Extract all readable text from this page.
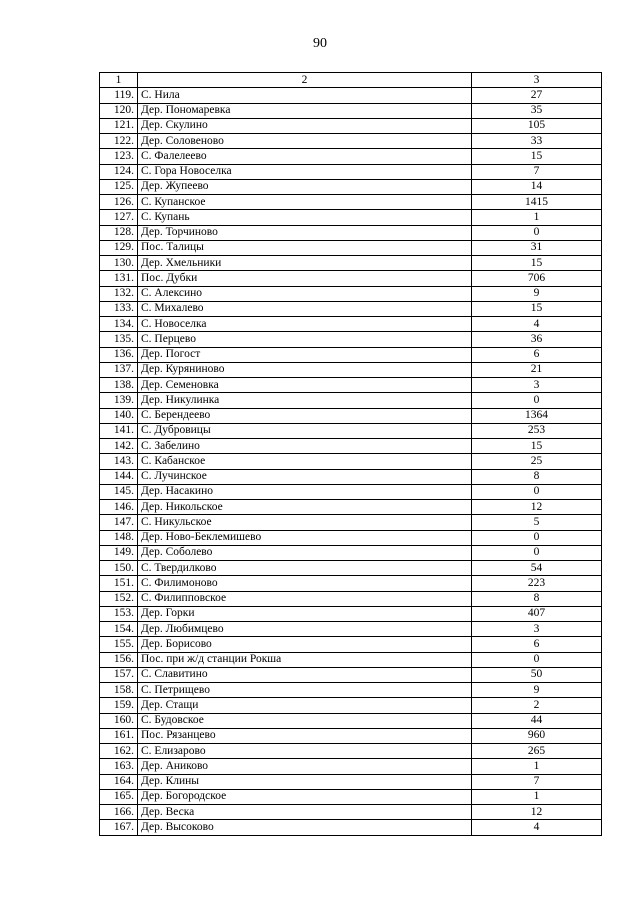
90
1	2	3
119.	С. Нила	27
120.	Дер. Пономаревка	35
121.	Дер. Скулино	105
122.	Дер. Соловеново	33
123.	С. Фалелеево	15
124.	С. Гора Новоселка	7
125.	Дер. Жупеево	14
126.	С. Купанское	1415
127.	С. Купань	1
128.	Дер. Торчиново	0
129.	Пос. Талицы	31
130.	Дер. Хмельники	15
131.	Пос. Дубки	706
132.	С. Алексино	9
133.	С. Михалево	15
134.	С. Новоселка	4
135.	С. Перцево	36
136.	Дер. Погост	6
137.	Дер. Куряниново	21
138.	Дер. Семеновка	3
139.	Дер. Никулинка	0
140.	С. Берендеево	1364
141.	С. Дубровицы	253
142.	С. Забелино	15
143.	С. Кабанское	25
144.	С. Лучинское	8
145.	Дер. Насакино	0
146.	Дер. Никольское	12
147.	С. Никульское	5
148.	Дер. Ново-Беклемишево	0
149.	Дер. Соболево	0
150.	С. Твердилково	54
151.	С. Филимоново	223
152.	С. Филипповское	8
153.	Дер. Горки	407
154.	Дер. Любимцево	3
155.	Дер. Борисово	6
156.	Пос. при ж/д станции Рокша	0
157.	С. Славитино	50
158.	С. Петрищево	9
159.	Дер. Стащи	2
160.	С. Будовское	44
161.	Пос. Рязанцево	960
162.	С. Елизарово	265
163.	Дер. Аниково	1
164.	Дер. Клины	7
165.	Дер. Богородское	1
166.	Дер. Веска	12
167.	Дер. Высоково	4
